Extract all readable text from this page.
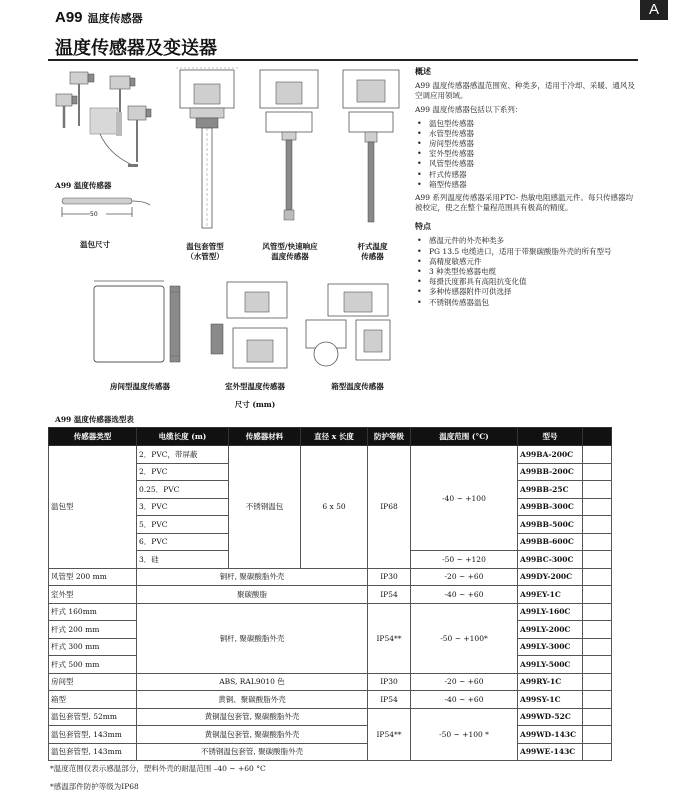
A99 温度传感器
A
温度传感器及变送器
A99 温度传感器
50
温包尺寸	温包套管型
（水管型）
风管型/快速响应
温度传感器
杆式温度
传感器
房间型温度传感器	室外型温度传感器
尺寸 (mm)
箱型温度传感器
概述
A99 温度传感器感温范围宽、种类多，适用于冷却、采暖、通风及空调应用领域。
A99 温度传感器包括以下系列：
• 温包型传感器
• 水管型传感器
• 房间型传感器
• 室外型传感器
• 风管型传感器
• 杆式传感器
• 箱型传感器
A99 系列温度传感器采用PTC- 热敏电阻感温元件。每只传感器均被校定，使之在整个量程范围具有极高的精度。
特点
• 感温元件的外壳种类多
• PG 13.5 电缆进口，适用于带聚碳酸脂外壳的所有型号
• 高精度敏感元件
• 3 种类型传感器电缆
• 每摄氏度都具有高阻抗变化值
• 多种传感器附件可供选择
• 不锈钢传感器温包
A99 温度传感器选型表
传感器类型	电缆长度 (m)	传感器材料	直径 x 长度	防护等级	温度范围 (°C)	型号	
温包型	2．PVC，带屏蔽	不锈钢温包	6 x 50	IP68	-40 ~ +100	A99BA-200C	
	2．PVC					A99BB-200C	
	0.25．PVC					A99BB-25C	
	3．PVC					A99BB-300C	
	5．PVC					A99BB-500C	
	6．PVC					A99BB-600C	
	3．硅				-50 ~ +120	A99BC-300C	
风管型 200 mm	铜杆, 聚碳酸脂外壳			IP30	-20 ~ +60	A99DY-200C	
室外型	聚碳酸脂			IP54	-40 ~ +60	A99EY-1C	
杆式 160mm	铜杆, 聚碳酸脂外壳			IP54**	-50 ~ +100*	A99LY-160C	
杆式 200 mm						A99LY-200C	
杆式 300 mm						A99LY-300C	
杆式 500 mm						A99LY-500C	
房间型	ABS, RAL9010 色			IP30	-20 ~ +60	A99RY-1C	
箱型	黄铜、聚碳酸脂外壳			IP54	-40 ~ +60	A99SY-1C	
温包套管型, 52mm	黄铜温包套管, 聚碳酸脂外壳			IP54**	-50 ~ +100 *	A99WD-52C	
温包套管型, 143mm	黄铜温包套管, 聚碳酸脂外壳					A99WD-143C	
温包套管型, 143mm	不锈钢温包套管, 聚碳酸脂外壳					A99WE-143C	
*温度范围仅表示感温部分，塑料外壳的耐温范围 –40 ~ +60 °C
*感温部件防护等级为IP68
